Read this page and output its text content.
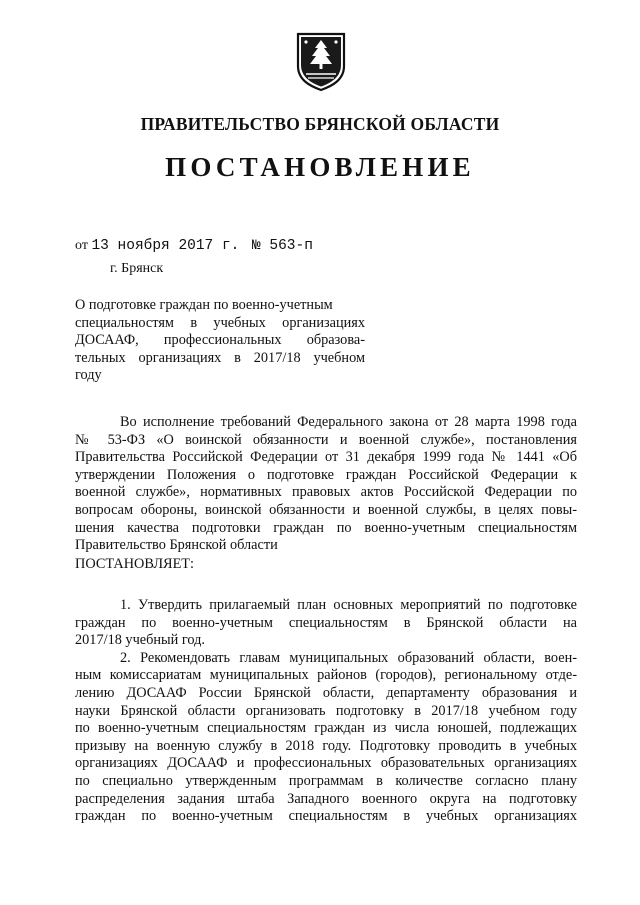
ПРАВИТЕЛЬСТВО БРЯНСКОЙ ОБЛАСТИ
ПОСТАНОВЛЕНИЕ
от 13 ноября 2017 г. № 563-п
г. Брянск
О подготовке граждан по военно-учетным
специальностям в учебных организациях
ДОСААФ, профессиональных образова-
тельных организациях в 2017/18 учебном
году
Во исполнение требований Федерального закона от 28 марта 1998 года
№ 53-ФЗ «О воинской обязанности и военной службе», постановления
Правительства Российской Федерации от 31 декабря 1999 года № 1441 «Об
утверждении Положения о подготовке граждан Российской Федерации к
военной службе», нормативных правовых актов Российской Федерации по
вопросам обороны, воинской обязанности и военной службы, в целях повы-
шения качества подготовки граждан по военно-учетным специальностям
Правительство Брянской области
ПОСТАНОВЛЯЕТ:
1. Утвердить прилагаемый план основных мероприятий по подготовке
граждан по военно-учетным специальностям в Брянской области на
2017/18 учебный год.
2. Рекомендовать главам муниципальных образований области, воен-
ным комиссариатам муниципальных районов (городов), региональному отде-
лению ДОСААФ России Брянской области, департаменту образования и
науки Брянской области организовать подготовку в 2017/18 учебном году
по военно-учетным специальностям граждан из числа юношей, подлежащих
призыву на военную службу в 2018 году. Подготовку проводить в учебных
организациях ДОСААФ и профессиональных образовательных организациях
по специально утвержденным программам в количестве согласно плану
распределения задания штаба Западного военного округа на подготовку
граждан по военно-учетным специальностям в учебных организациях
